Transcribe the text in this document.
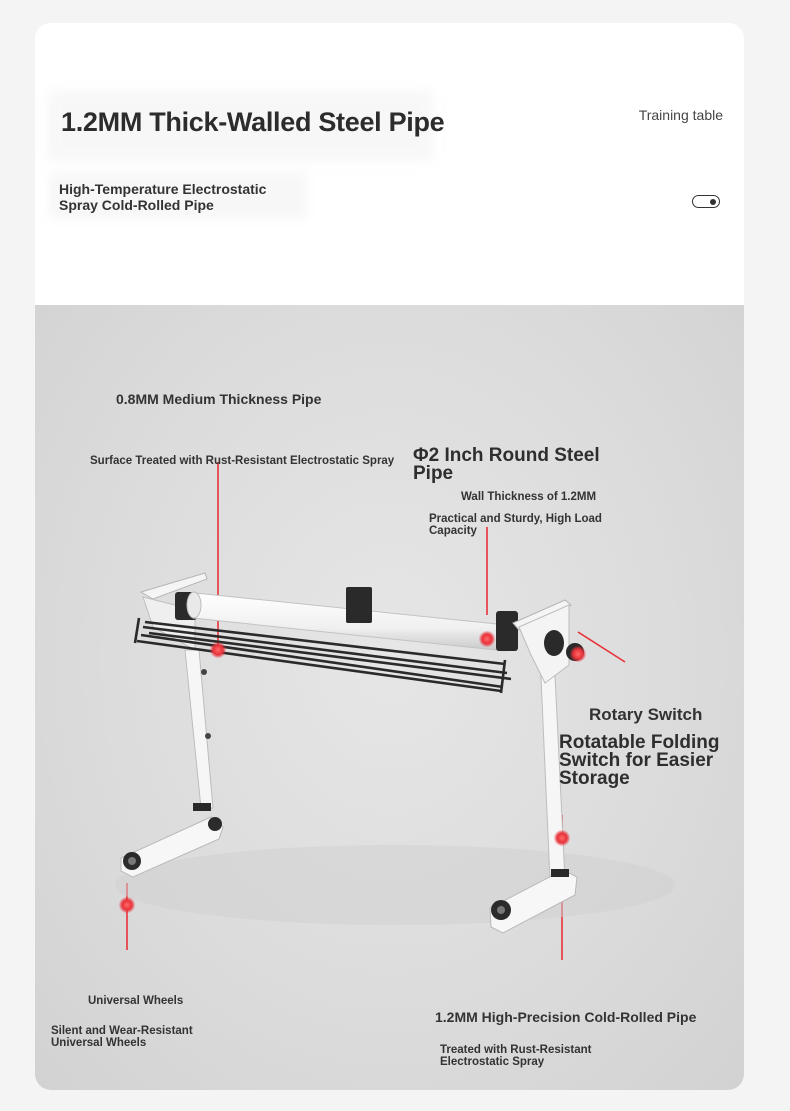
1.2MM Thick-Walled Steel Pipe	Training table
High-Temperature Electrostatic Spray Cold-Rolled Pipe
0.8MM Medium Thickness Pipe
Surface Treated with Rust-Resistant Electrostatic Spray Φ2 Inch Round Steel Pipe
Wall Thickness of 1.2MM
Practical and Sturdy, High Load Capacity
Rotary Switch
Rotatable Folding Switch for Easier Storage
Universal Wheels
Silent and Wear-Resistant Universal Wheels
1.2MM High-Precision Cold-Rolled Pipe
Treated with Rust-Resistant Electrostatic Spray
